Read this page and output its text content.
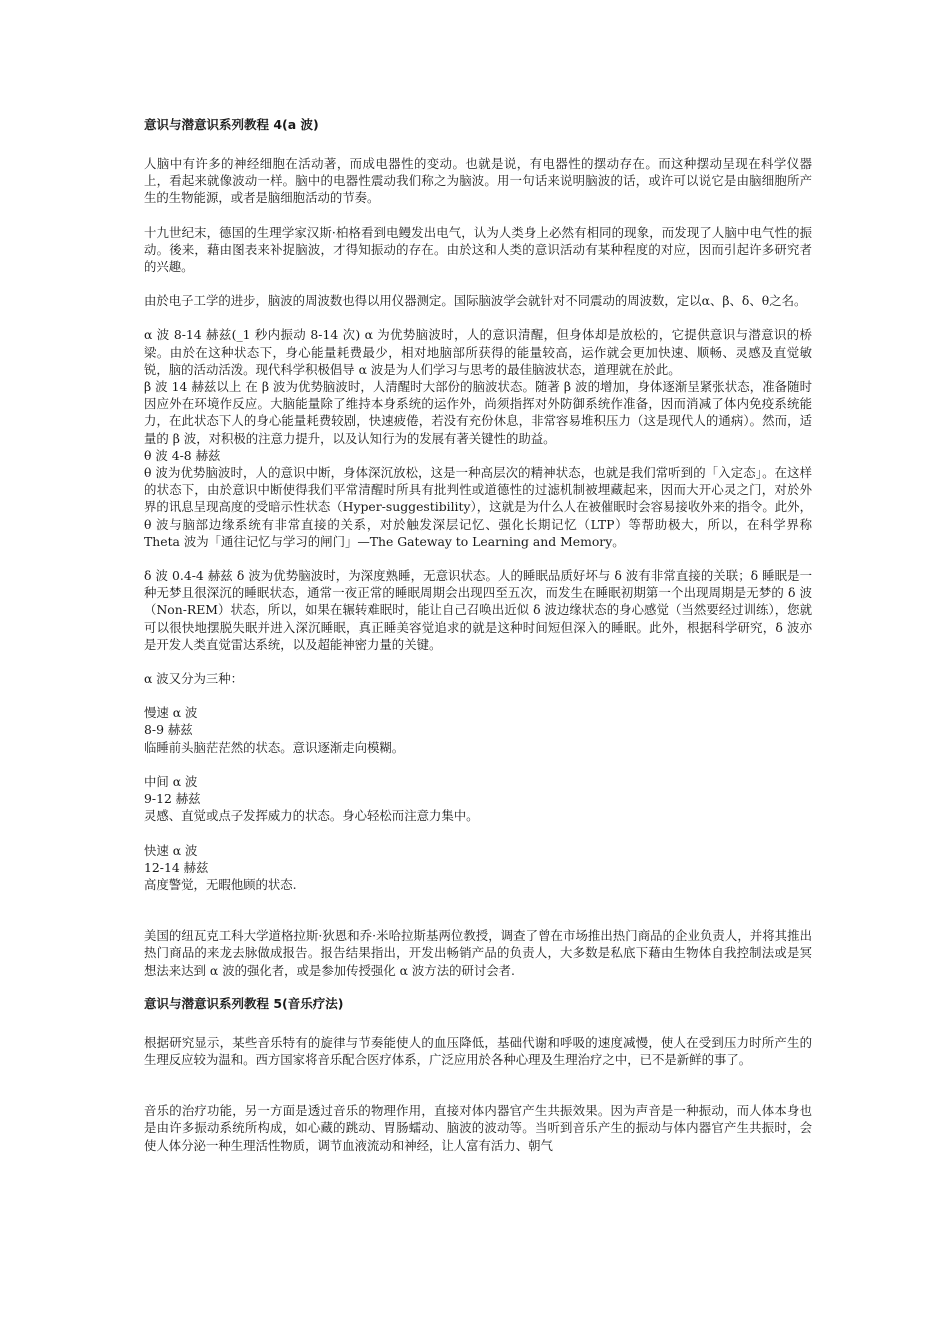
意识与潜意识系列教程 4(a 波)

人脑中有许多的神经细胞在活动著，而成电器性的变动。也就是说，有电器性的摆动存在。而这种摆动呈现在科学仪器上，看起来就像波动一样。脑中的电器性震动我们称之为脑波。用一句话来说明脑波的话，或许可以说它是由脑细胞所产生的生物能源，或者是脑细胞活动的节奏。

十九世纪末，德国的生理学家汉斯·柏格看到电鳗发出电气，认为人类身上必然有相同的现象，而发现了人脑中电气性的振动。後来，藉由图表来补捉脑波，才得知振动的存在。由於这和人类的意识活动有某种程度的对应，因而引起许多研究者的兴趣。

由於电子工学的进步，脑波的周波数也得以用仪器测定。国际脑波学会就针对不同震动的周波数，定以α、β、δ、θ之名。

α 波 8-14 赫兹(_1 秒内振动 8-14 次) α 为优势脑波时，人的意识清醒，但身体却是放松的，它提供意识与潜意识的桥梁。由於在这种状态下，身心能量耗费最少，相对地脑部所获得的能量较高，运作就会更加快速、顺畅、灵感及直觉敏锐，脑的活动活泼。现代科学积极倡导 α 波是为人们学习与思考的最佳脑波状态，道理就在於此。

β 波 14 赫兹以上 在 β 波为优势脑波时，人清醒时大部份的脑波状态。随著 β 波的增加，身体逐渐呈紧张状态，准备随时因应外在环境作反应。大脑能量除了维持本身系统的运作外，尚须指挥对外防御系统作准备，因而消减了体内免疫系统能力，在此状态下人的身心能量耗费较剧，快速疲倦，若没有充份休息，非常容易堆积压力（这是现代人的通病）。然而，适量的 β 波，对积极的注意力提升，以及认知行为的发展有著关键性的助益。

θ 波 4-8 赫兹

θ 波为优势脑波时，人的意识中断，身体深沉放松，这是一种高层次的精神状态，也就是我们常听到的「入定态」。在这样的状态下，由於意识中断使得我们平常清醒时所具有批判性或道德性的过滤机制被埋藏起来，因而大开心灵之门，对於外界的讯息呈现高度的受暗示性状态（Hyper-suggestibility），这就是为什么人在被催眠时会容易接收外来的指令。此外，θ 波与脑部边缘系统有非常直接的关系，对於触发深层记忆、强化长期记忆（LTP）等帮助极大，所以，在科学界称 Theta 波为「通往记忆与学习的闸门」—The Gateway to Learning and Memory。

δ 波 0.4-4 赫兹 δ 波为优势脑波时，为深度熟睡，无意识状态。人的睡眠品质好坏与 δ 波有非常直接的关联；δ 睡眠是一种无梦且很深沉的睡眠状态，通常一夜正常的睡眠周期会出现四至五次，而发生在睡眠初期第一个出现周期是无梦的 δ 波（Non-REM）状态，所以，如果在辗转难眠时，能让自己召唤出近似 δ 波边缘状态的身心感觉（当然要经过训练），您就可以很快地摆脱失眠并进入深沉睡眠，真正睡美容觉追求的就是这种时间短但深入的睡眠。此外，根据科学研究，δ 波亦是开发人类直觉雷达系统，以及超能神密力量的关键。

α 波又分为三种：

慢速 α 波
8-9 赫兹
临睡前头脑茫茫然的状态。意识逐渐走向模糊。
中间 α 波
9-12 赫兹
灵感、直觉或点子发挥威力的状态。身心轻松而注意力集中。
快速 α 波
12-14 赫兹
高度警觉，无暇他顾的状态.

美国的纽瓦克工科大学道格拉斯·狄恩和乔·米哈拉斯基两位教授，调查了曾在市场推出热门商品的企业负责人，并将其推出热门商品的来龙去脉做成报告。报告结果指出，开发出畅销产品的负责人，大多数是私底下藉由生物体自我控制法或是冥想法来达到 α 波的强化者，或是参加传授强化 α 波方法的研讨会者.

意识与潜意识系列教程 5(音乐疗法)

根据研究显示，某些音乐特有的旋律与节奏能使人的血压降低，基础代谢和呼吸的速度减慢，使人在受到压力时所产生的生理反应较为温和。西方国家将音乐配合医疗体系，广泛应用於各种心理及生理治疗之中，已不是新鲜的事了。

音乐的治疗功能，另一方面是透过音乐的物理作用，直接对体内器官产生共振效果。因为声音是一种振动，而人体本身也是由许多振动系统所构成，如心藏的跳动、胃肠蠕动、脑波的波动等。当听到音乐产生的振动与体内器官产生共振时，会使人体分泌一种生理活性物质，调节血液流动和神经，让人富有活力、朝气
